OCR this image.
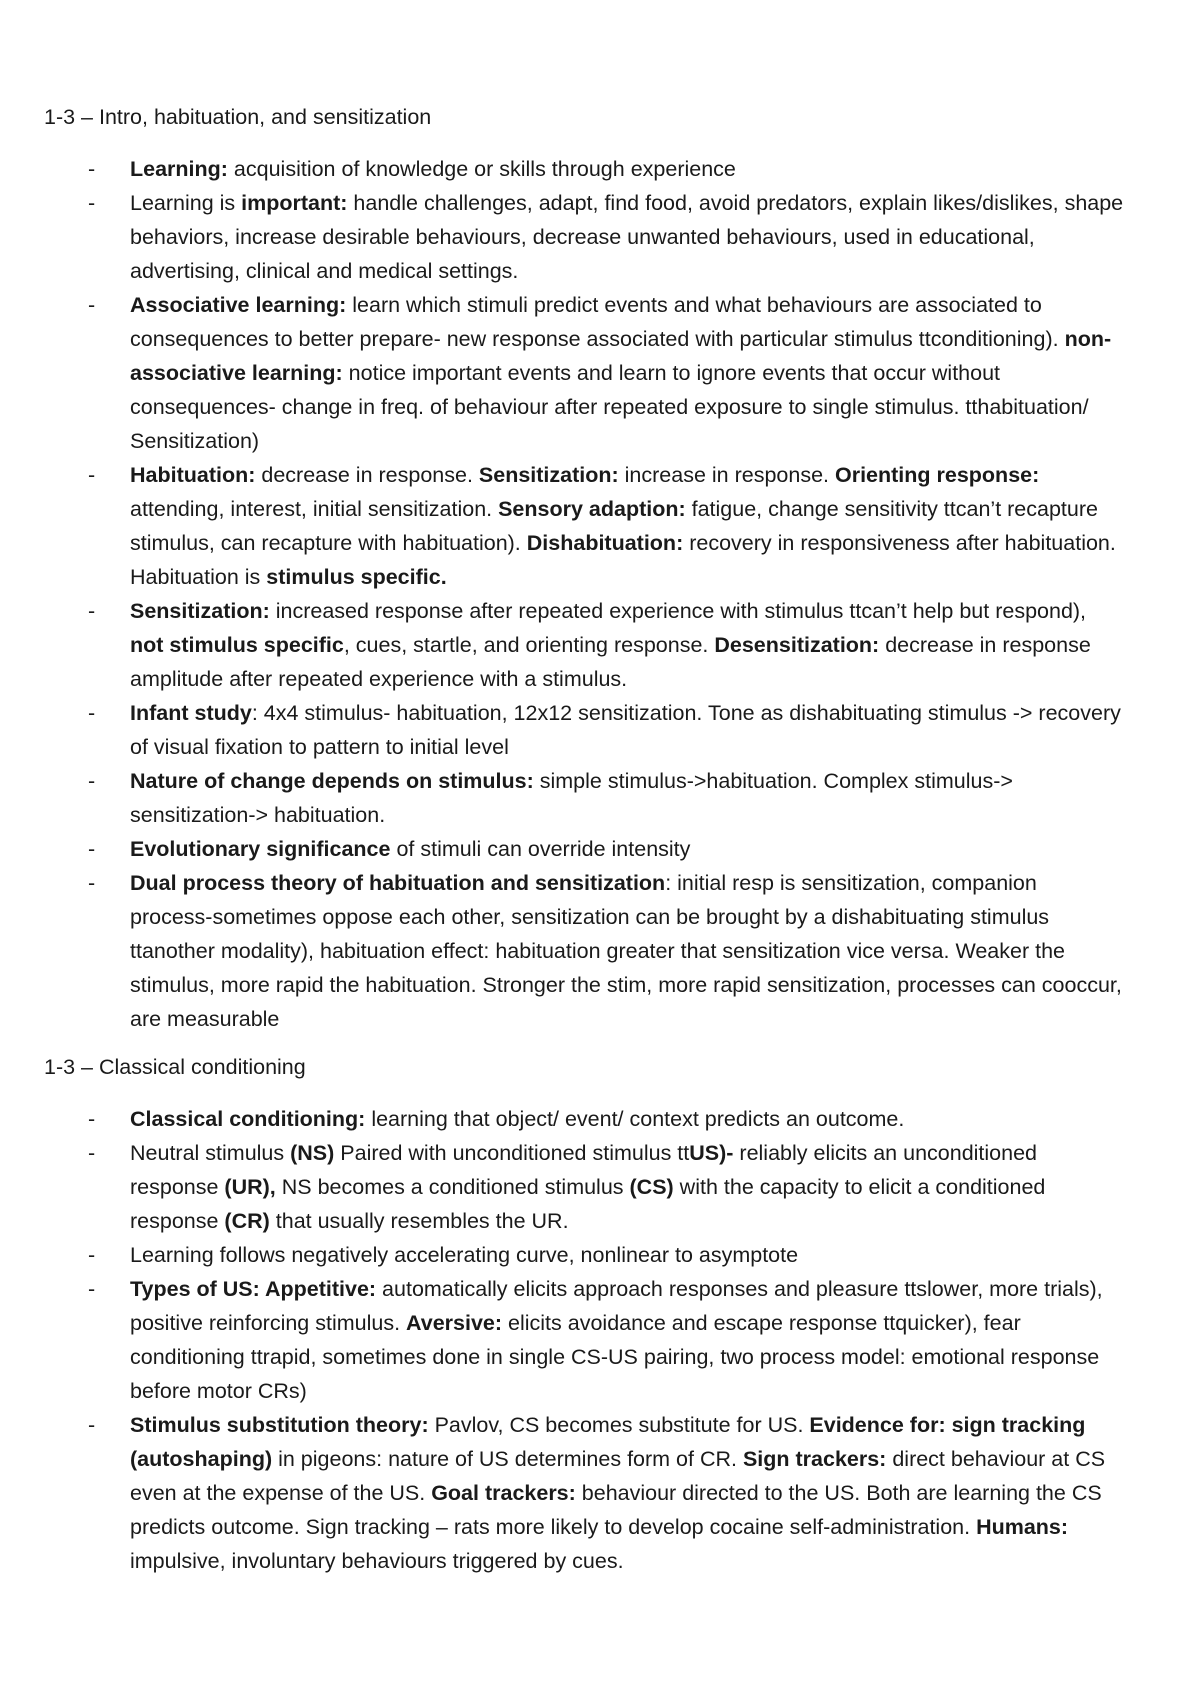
1-3 – Intro, habituation, and sensitization
- Learning: acquisition of knowledge or skills through experience
- Learning is important: handle challenges, adapt, find food, avoid predators, explain likes/dislikes, shape behaviors, increase desirable behaviours, decrease unwanted behaviours, used in educational, advertising, clinical and medical settings.
- Associative learning: learn which stimuli predict events and what behaviours are associated to consequences to better prepare- new response associated with particular stimulus ttconditioning). non-associative learning: notice important events and learn to ignore events that occur without consequences- change in freq. of behaviour after repeated exposure to single stimulus. tthabituation/ Sensitization)
- Habituation: decrease in response. Sensitization: increase in response. Orienting response: attending, interest, initial sensitization. Sensory adaption: fatigue, change sensitivity ttcan’t recapture stimulus, can recapture with habituation). Dishabituation: recovery in responsiveness after habituation. Habituation is stimulus specific.
- Sensitization: increased response after repeated experience with stimulus ttcan’t help but respond), not stimulus specific, cues, startle, and orienting response. Desensitization: decrease in response amplitude after repeated experience with a stimulus.
- Infant study: 4x4 stimulus- habituation, 12x12 sensitization. Tone as dishabituating stimulus -> recovery of visual fixation to pattern to initial level
- Nature of change depends on stimulus: simple stimulus->habituation. Complex stimulus-> sensitization-> habituation.
- Evolutionary significance of stimuli can override intensity
- Dual process theory of habituation and sensitization: initial resp is sensitization, companion process-sometimes oppose each other, sensitization can be brought by a dishabituating stimulus ttanother modality), habituation effect: habituation greater that sensitization vice versa. Weaker the stimulus, more rapid the habituation. Stronger the stim, more rapid sensitization, processes can cooccur, are measurable
1-3 – Classical conditioning
- Classical conditioning: learning that object/ event/ context predicts an outcome.
- Neutral stimulus (NS) Paired with unconditioned stimulus ttUS)- reliably elicits an unconditioned response (UR), NS becomes a conditioned stimulus (CS) with the capacity to elicit a conditioned response (CR) that usually resembles the UR.
- Learning follows negatively accelerating curve, nonlinear to asymptote
- Types of US: Appetitive: automatically elicits approach responses and pleasure ttslower, more trials), positive reinforcing stimulus. Aversive: elicits avoidance and escape response ttquicker), fear conditioning ttrapid, sometimes done in single CS-US pairing, two process model: emotional response before motor CRs)
- Stimulus substitution theory: Pavlov, CS becomes substitute for US. Evidence for: sign tracking (autoshaping) in pigeons: nature of US determines form of CR. Sign trackers: direct behaviour at CS even at the expense of the US. Goal trackers: behaviour directed to the US. Both are learning the CS predicts outcome. Sign tracking – rats more likely to develop cocaine self-administration. Humans: impulsive, involuntary behaviours triggered by cues.
